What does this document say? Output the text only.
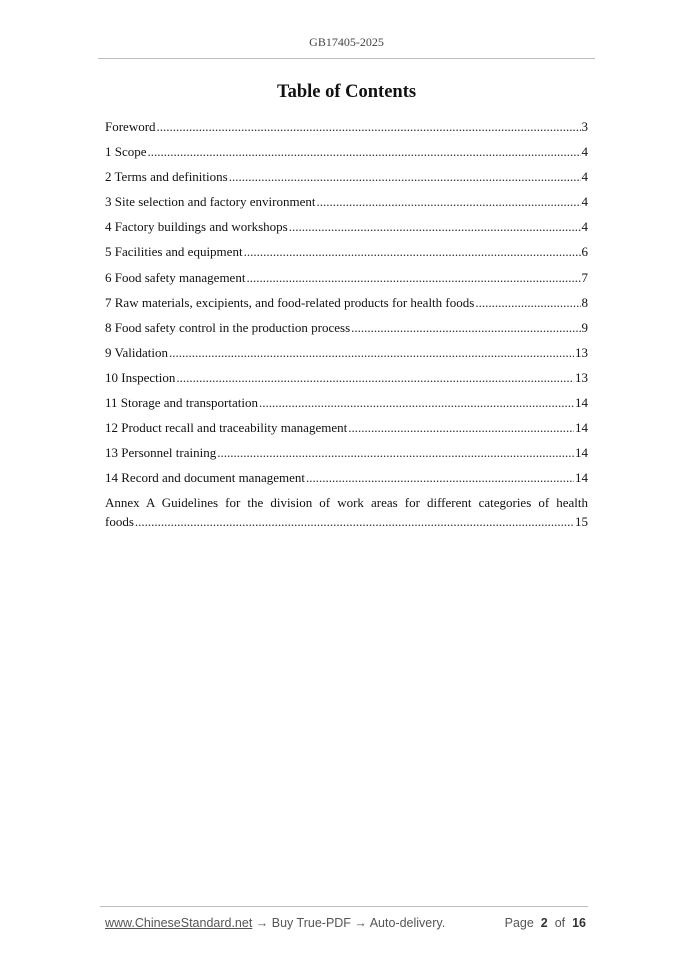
GB17405-2025
Table of Contents
Foreword .....	3
1 Scope .....	4
2 Terms and definitions .....	4
3 Site selection and factory environment .....	4
4 Factory buildings and workshops .....	4
5 Facilities and equipment .....	6
6 Food safety management .....	7
7 Raw materials, excipients, and food-related products for health foods .....	8
8 Food safety control in the production process .....	9
9 Validation .....	13
10 Inspection .....	13
11 Storage and transportation .....	14
12 Product recall and traceability management .....	14
13 Personnel training .....	14
14 Record and document management .....	14
Annex A Guidelines for the division of work areas for different categories of health
foods .....	15
www.ChineseStandard.net → Buy True-PDF → Auto-delivery.	Page 2 of 16
